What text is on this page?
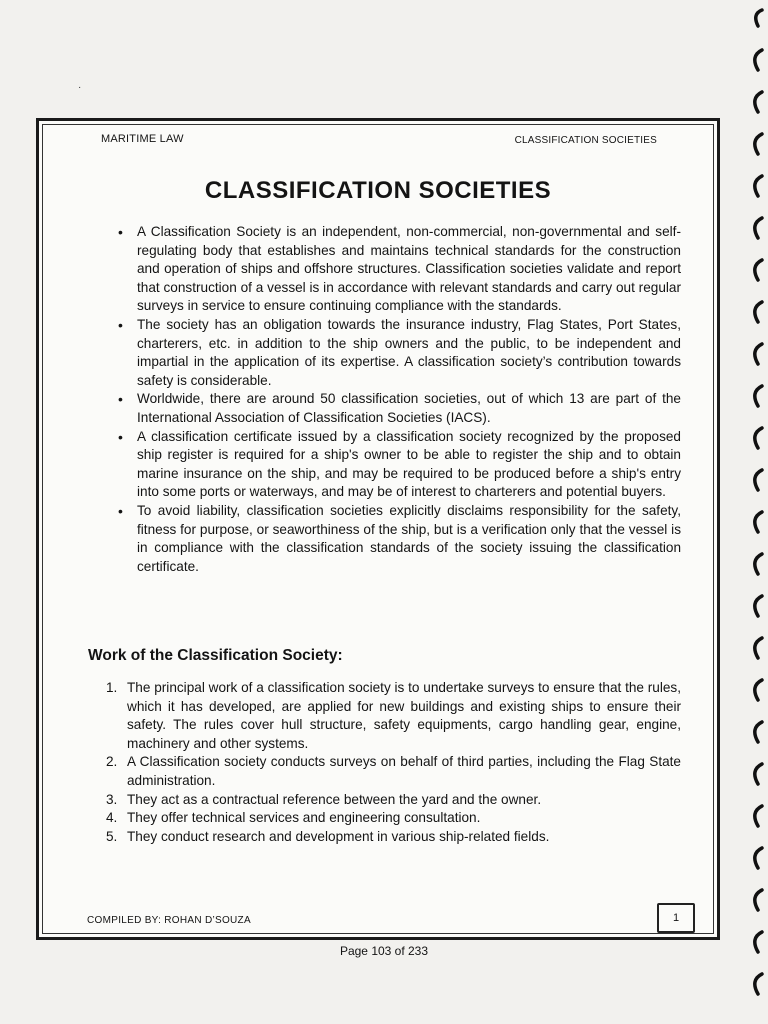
·
MARITIME LAW	CLASSIFICATION SOCIETIES
CLASSIFICATION SOCIETIES
• A Classification Society is an independent, non-commercial, non-governmental and self-regulating body that establishes and maintains technical standards for the construction and operation of ships and offshore structures. Classification societies validate and report that construction of a vessel is in accordance with relevant standards and carry out regular surveys in service to ensure continuing compliance with the standards.
• The society has an obligation towards the insurance industry, Flag States, Port States, charterers, etc. in addition to the ship owners and the public, to be independent and impartial in the application of its expertise. A classification society’s contribution towards safety is considerable.
• Worldwide, there are around 50 classification societies, out of which 13 are part of the International Association of Classification Societies (IACS).
• A classification certificate issued by a classification society recognized by the proposed ship register is required for a ship's owner to be able to register the ship and to obtain marine insurance on the ship, and may be required to be produced before a ship's entry into some ports or waterways, and may be of interest to charterers and potential buyers.
• To avoid liability, classification societies explicitly disclaims responsibility for the safety, fitness for purpose, or seaworthiness of the ship, but is a verification only that the vessel is in compliance with the classification standards of the society issuing the classification certificate.
Work of the Classification Society:
1. The principal work of a classification society is to undertake surveys to ensure that the rules, which it has developed, are applied for new buildings and existing ships to ensure their safety. The rules cover hull structure, safety equipments, cargo handling gear, engine, machinery and other systems.
2. A Classification society conducts surveys on behalf of third parties, including the Flag State administration.
3. They act as a contractual reference between the yard and the owner.
4. They offer technical services and engineering consultation.
5. They conduct research and development in various ship-related fields.
COMPILED BY: ROHAN D’SOUZA	1
Page 103 of 233
